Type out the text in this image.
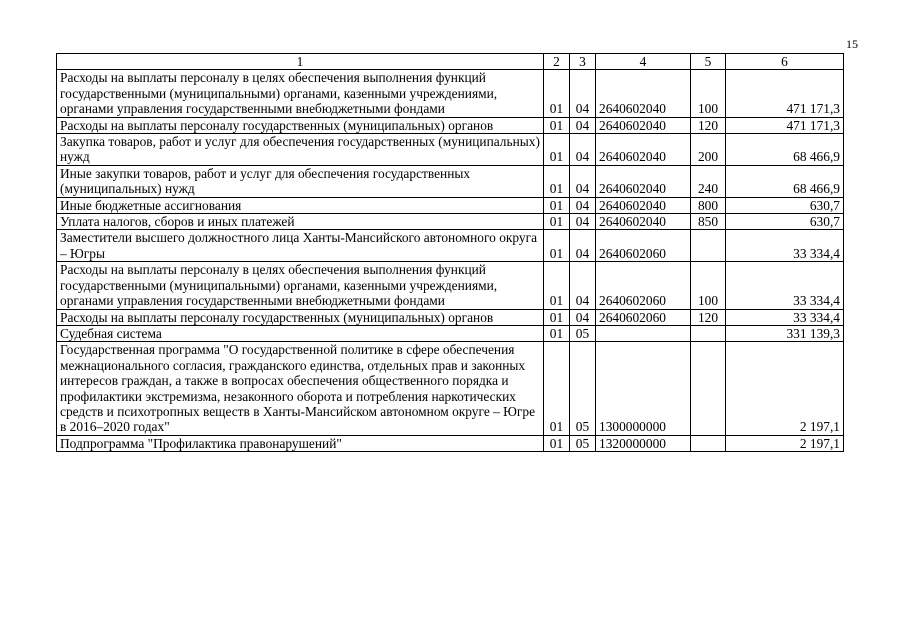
15
1	2	3	4	5	6
Расходы на выплаты персоналу в целях обеспечения выполнения функций государственными (муниципальными) органами, казенными учреждениями, органами управления государственными внебюджетными фондами	01	04	2640602040	100	471 171,3
Расходы на выплаты персоналу государственных (муниципальных) органов	01	04	2640602040	120	471 171,3
Закупка товаров, работ и услуг для обеспечения государственных (муниципальных) нужд	01	04	2640602040	200	68 466,9
Иные закупки товаров, работ и услуг для обеспечения государственных (муниципальных) нужд	01	04	2640602040	240	68 466,9
Иные бюджетные ассигнования	01	04	2640602040	800	630,7
Уплата налогов, сборов и иных платежей	01	04	2640602040	850	630,7
Заместители высшего должностного лица Ханты-Мансийского автономного округа – Югры	01	04	2640602060		33 334,4
Расходы на выплаты персоналу в целях обеспечения выполнения функций государственными (муниципальными) органами, казенными учреждениями, органами управления государственными внебюджетными фондами	01	04	2640602060	100	33 334,4
Расходы на выплаты персоналу государственных (муниципальных) органов	01	04	2640602060	120	33 334,4
Судебная система	01	05			331 139,3
Государственная программа "О государственной политике в сфере обеспечения межнационального согласия, гражданского единства, отдельных прав и законных интересов граждан, а также в вопросах обеспечения общественного порядка и профилактики экстремизма, незаконного оборота и потребления наркотических средств и психотропных веществ в Ханты-Мансийском автономном округе – Югре в 2016–2020 годах"	01	05	1300000000		2 197,1
Подпрограмма "Профилактика правонарушений"	01	05	1320000000		2 197,1
